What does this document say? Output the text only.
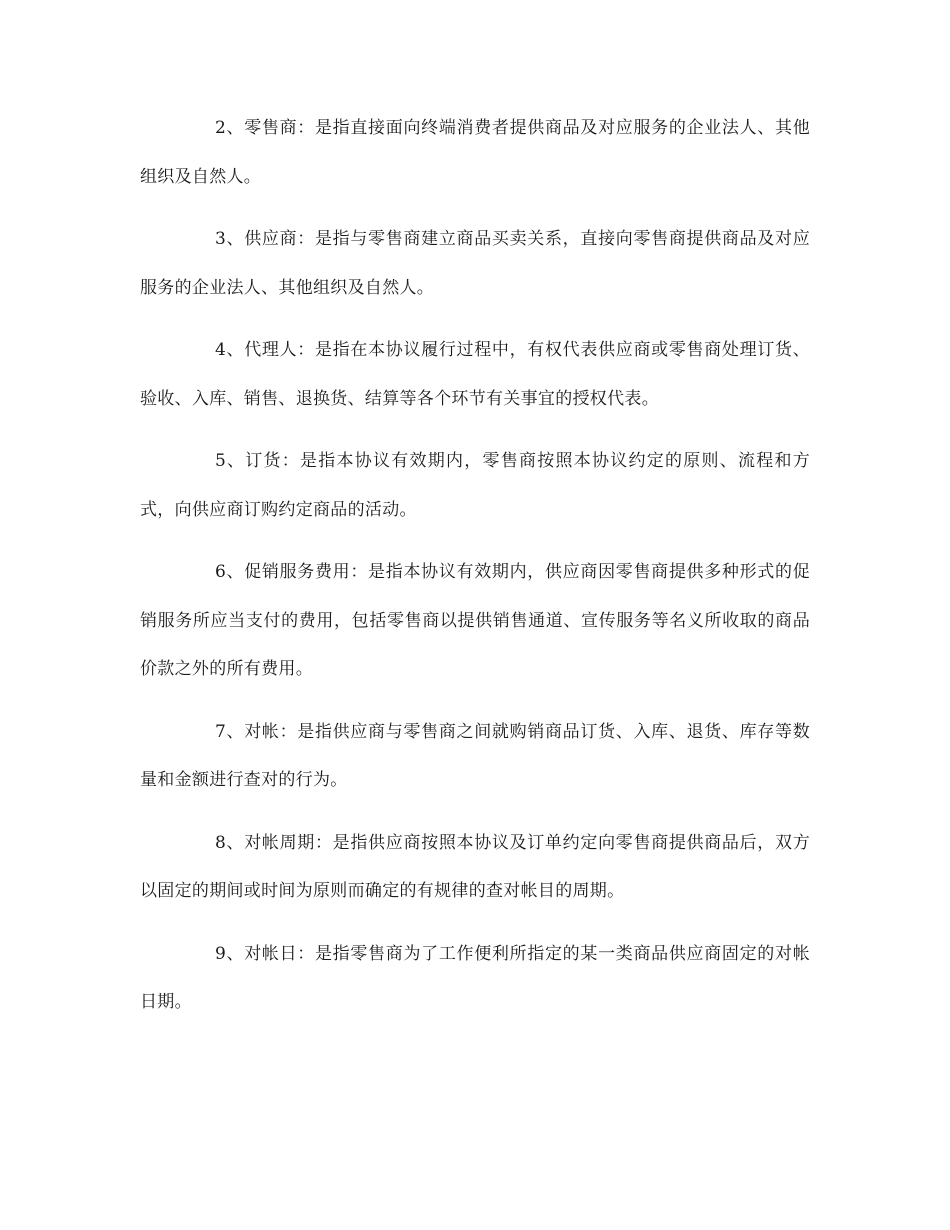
2、零售商：是指直接面向终端消费者提供商品及对应服务的企业法人、其他组织及自然人。

3、供应商：是指与零售商建立商品买卖关系，直接向零售商提供商品及对应服务的企业法人、其他组织及自然人。

4、代理人：是指在本协议履行过程中，有权代表供应商或零售商处理订货、验收、入库、销售、退换货、结算等各个环节有关事宜的授权代表。

5、订货：是指本协议有效期内，零售商按照本协议约定的原则、流程和方式，向供应商订购约定商品的活动。

6、促销服务费用：是指本协议有效期内，供应商因零售商提供多种形式的促销服务所应当支付的费用，包括零售商以提供销售通道、宣传服务等名义所收取的商品价款之外的所有费用。

7、对帐：是指供应商与零售商之间就购销商品订货、入库、退货、库存等数量和金额进行查对的行为。

8、对帐周期：是指供应商按照本协议及订单约定向零售商提供商品后，双方以固定的期间或时间为原则而确定的有规律的查对帐目的周期。

9、对帐日：是指零售商为了工作便利所指定的某一类商品供应商固定的对帐日期。
